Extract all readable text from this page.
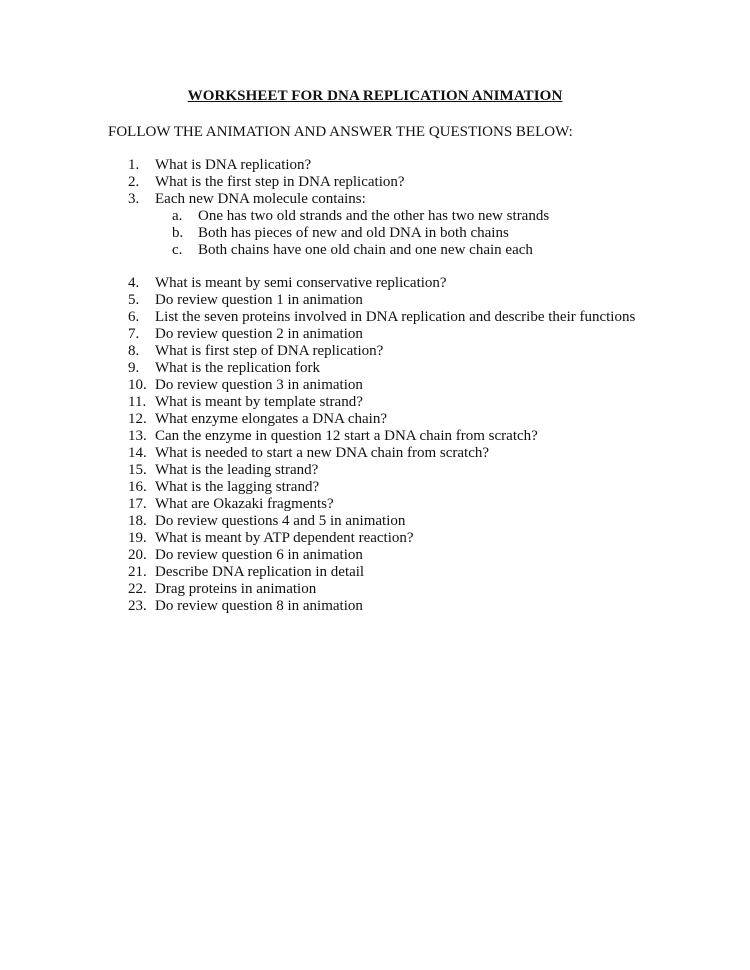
WORKSHEET FOR DNA REPLICATION ANIMATION
FOLLOW THE ANIMATION AND ANSWER THE QUESTIONS BELOW:
1.	What is DNA replication?
2.	What is the first step in DNA replication?
3.	Each new DNA molecule contains:
a.	One has two old strands and the other has two new strands
b. Both has pieces of new and old DNA in both chains
c.	Both chains have one old chain and one new chain each
4.	What is meant by semi conservative replication?
5.	Do review question 1 in animation
6.	List the seven proteins involved in DNA replication and describe their functions
7.	Do review question 2 in animation
8.	What is first step of DNA replication?
9.	What is the replication fork
10. Do review question 3 in animation
11. What is meant by template strand?
12. What enzyme elongates a DNA chain?
13. Can the enzyme in question 12 start a DNA chain from scratch?
14. What is needed to start a new DNA chain from scratch?
15. What is the leading strand?
16. What is the lagging strand?
17. What are Okazaki fragments?
18. Do review questions 4 and 5 in animation
19. What is meant by ATP dependent reaction?
20. Do review question 6 in animation
21. Describe DNA replication in detail
22. Drag proteins in animation
23. Do review question 8 in animation
